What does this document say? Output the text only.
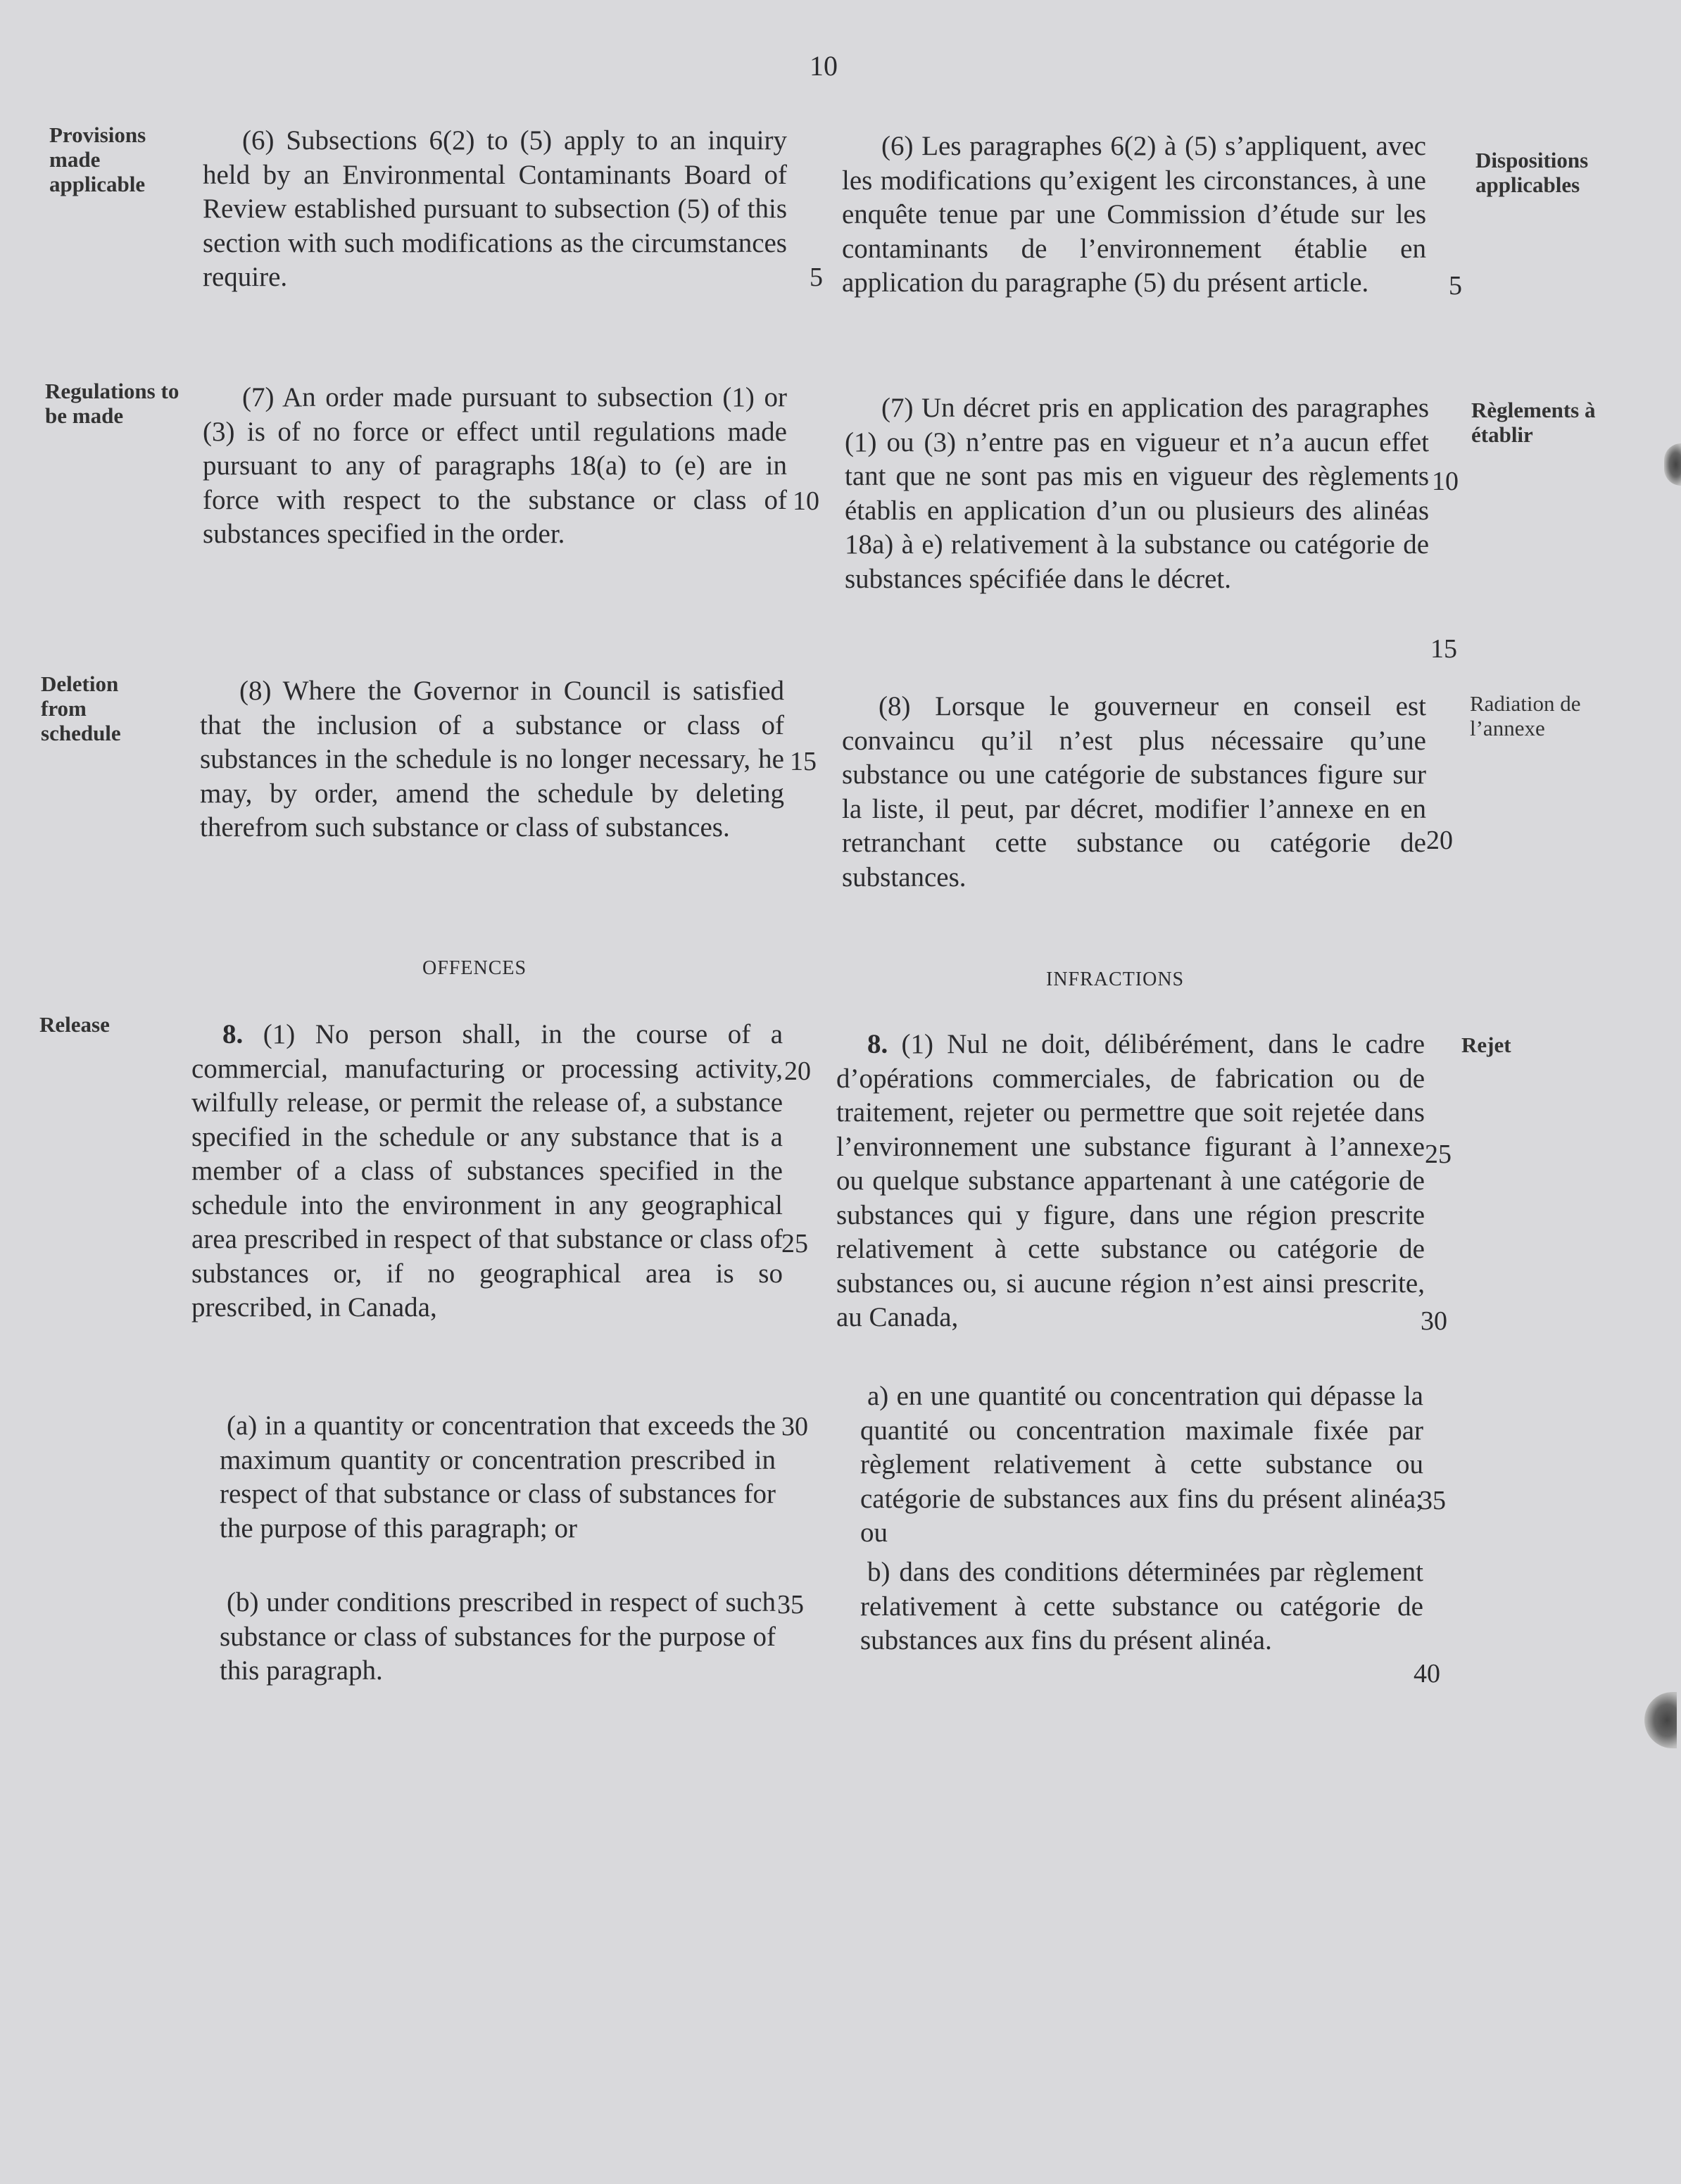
10
Provisions made applicable
Regulations to be made
Deletion from schedule
Release
Dispositions applicables
Règlements à établir
Radiation de l’annexe
Rejet
(6) Subsections 6(2) to (5) apply to an inquiry held by an Environmental Contaminants Board of Review established pursuant to subsection (5) of this section with such modifications as the circumstances require.
(7) An order made pursuant to subsection (1) or (3) is of no force or effect until regulations made pursuant to any of paragraphs 18(a) to (e) are in force with respect to the substance or class of substances specified in the order.
(8) Where the Governor in Council is satisfied that the inclusion of a substance or class of substances in the schedule is no longer necessary, he may, by order, amend the schedule by deleting therefrom such substance or class of substances.
OFFENCES

8. (1) No person shall, in the course of a commercial, manufacturing or processing activity, wilfully release, or permit the release of, a substance specified in the schedule or any substance that is a member of a class of substances specified in the schedule into the environment in any geographical area prescribed in respect of that substance or class of substances or, if no geographical area is so prescribed, in Canada,

(a) in a quantity or concentration that exceeds the maximum quantity or concentration prescribed in respect of that substance or class of substances for the purpose of this paragraph; or
(b) under conditions prescribed in respect of such substance or class of substances for the purpose of this paragraph.
(6) Les paragraphes 6(2) à (5) s’appliquent, avec les modifications qu’exigent les circonstances, à une enquête tenue par une Commission d’étude sur les contaminants de l’environnement établie en application du paragraphe (5) du présent article.
(7) Un décret pris en application des paragraphes (1) ou (3) n’entre pas en vigueur et n’a aucun effet tant que ne sont pas mis en vigueur des règlements établis en application d’un ou plusieurs des alinéas 18a) à e) relativement à la substance ou catégorie de substances spécifiée dans le décret.
(8) Lorsque le gouverneur en conseil est convaincu qu’il n’est plus nécessaire qu’une substance ou une catégorie de substances figure sur la liste, il peut, par décret, modifier l’annexe en en retranchant cette substance ou catégorie de substances.
INFRACTIONS

8. (1) Nul ne doit, délibérément, dans le cadre d’opérations commerciales, de fabrication ou de traitement, rejeter ou permettre que soit rejetée dans l’environnement une substance figurant à l’annexe ou quelque substance appartenant à une catégorie de substances qui y figure, dans une région prescrite relativement à cette substance ou catégorie de substances ou, si aucune région n’est ainsi prescrite, au Canada,

a) en une quantité ou concentration qui dépasse la quantité ou concentration maximale fixée par règlement relativement à cette substance ou catégorie de substances aux fins du présent alinéa; ou
b) dans des conditions déterminées par règlement relativement à cette substance ou catégorie de substances aux fins du présent alinéa.
5
10
15
20
25
30
35
5
10
15
20
25
30
35
40
